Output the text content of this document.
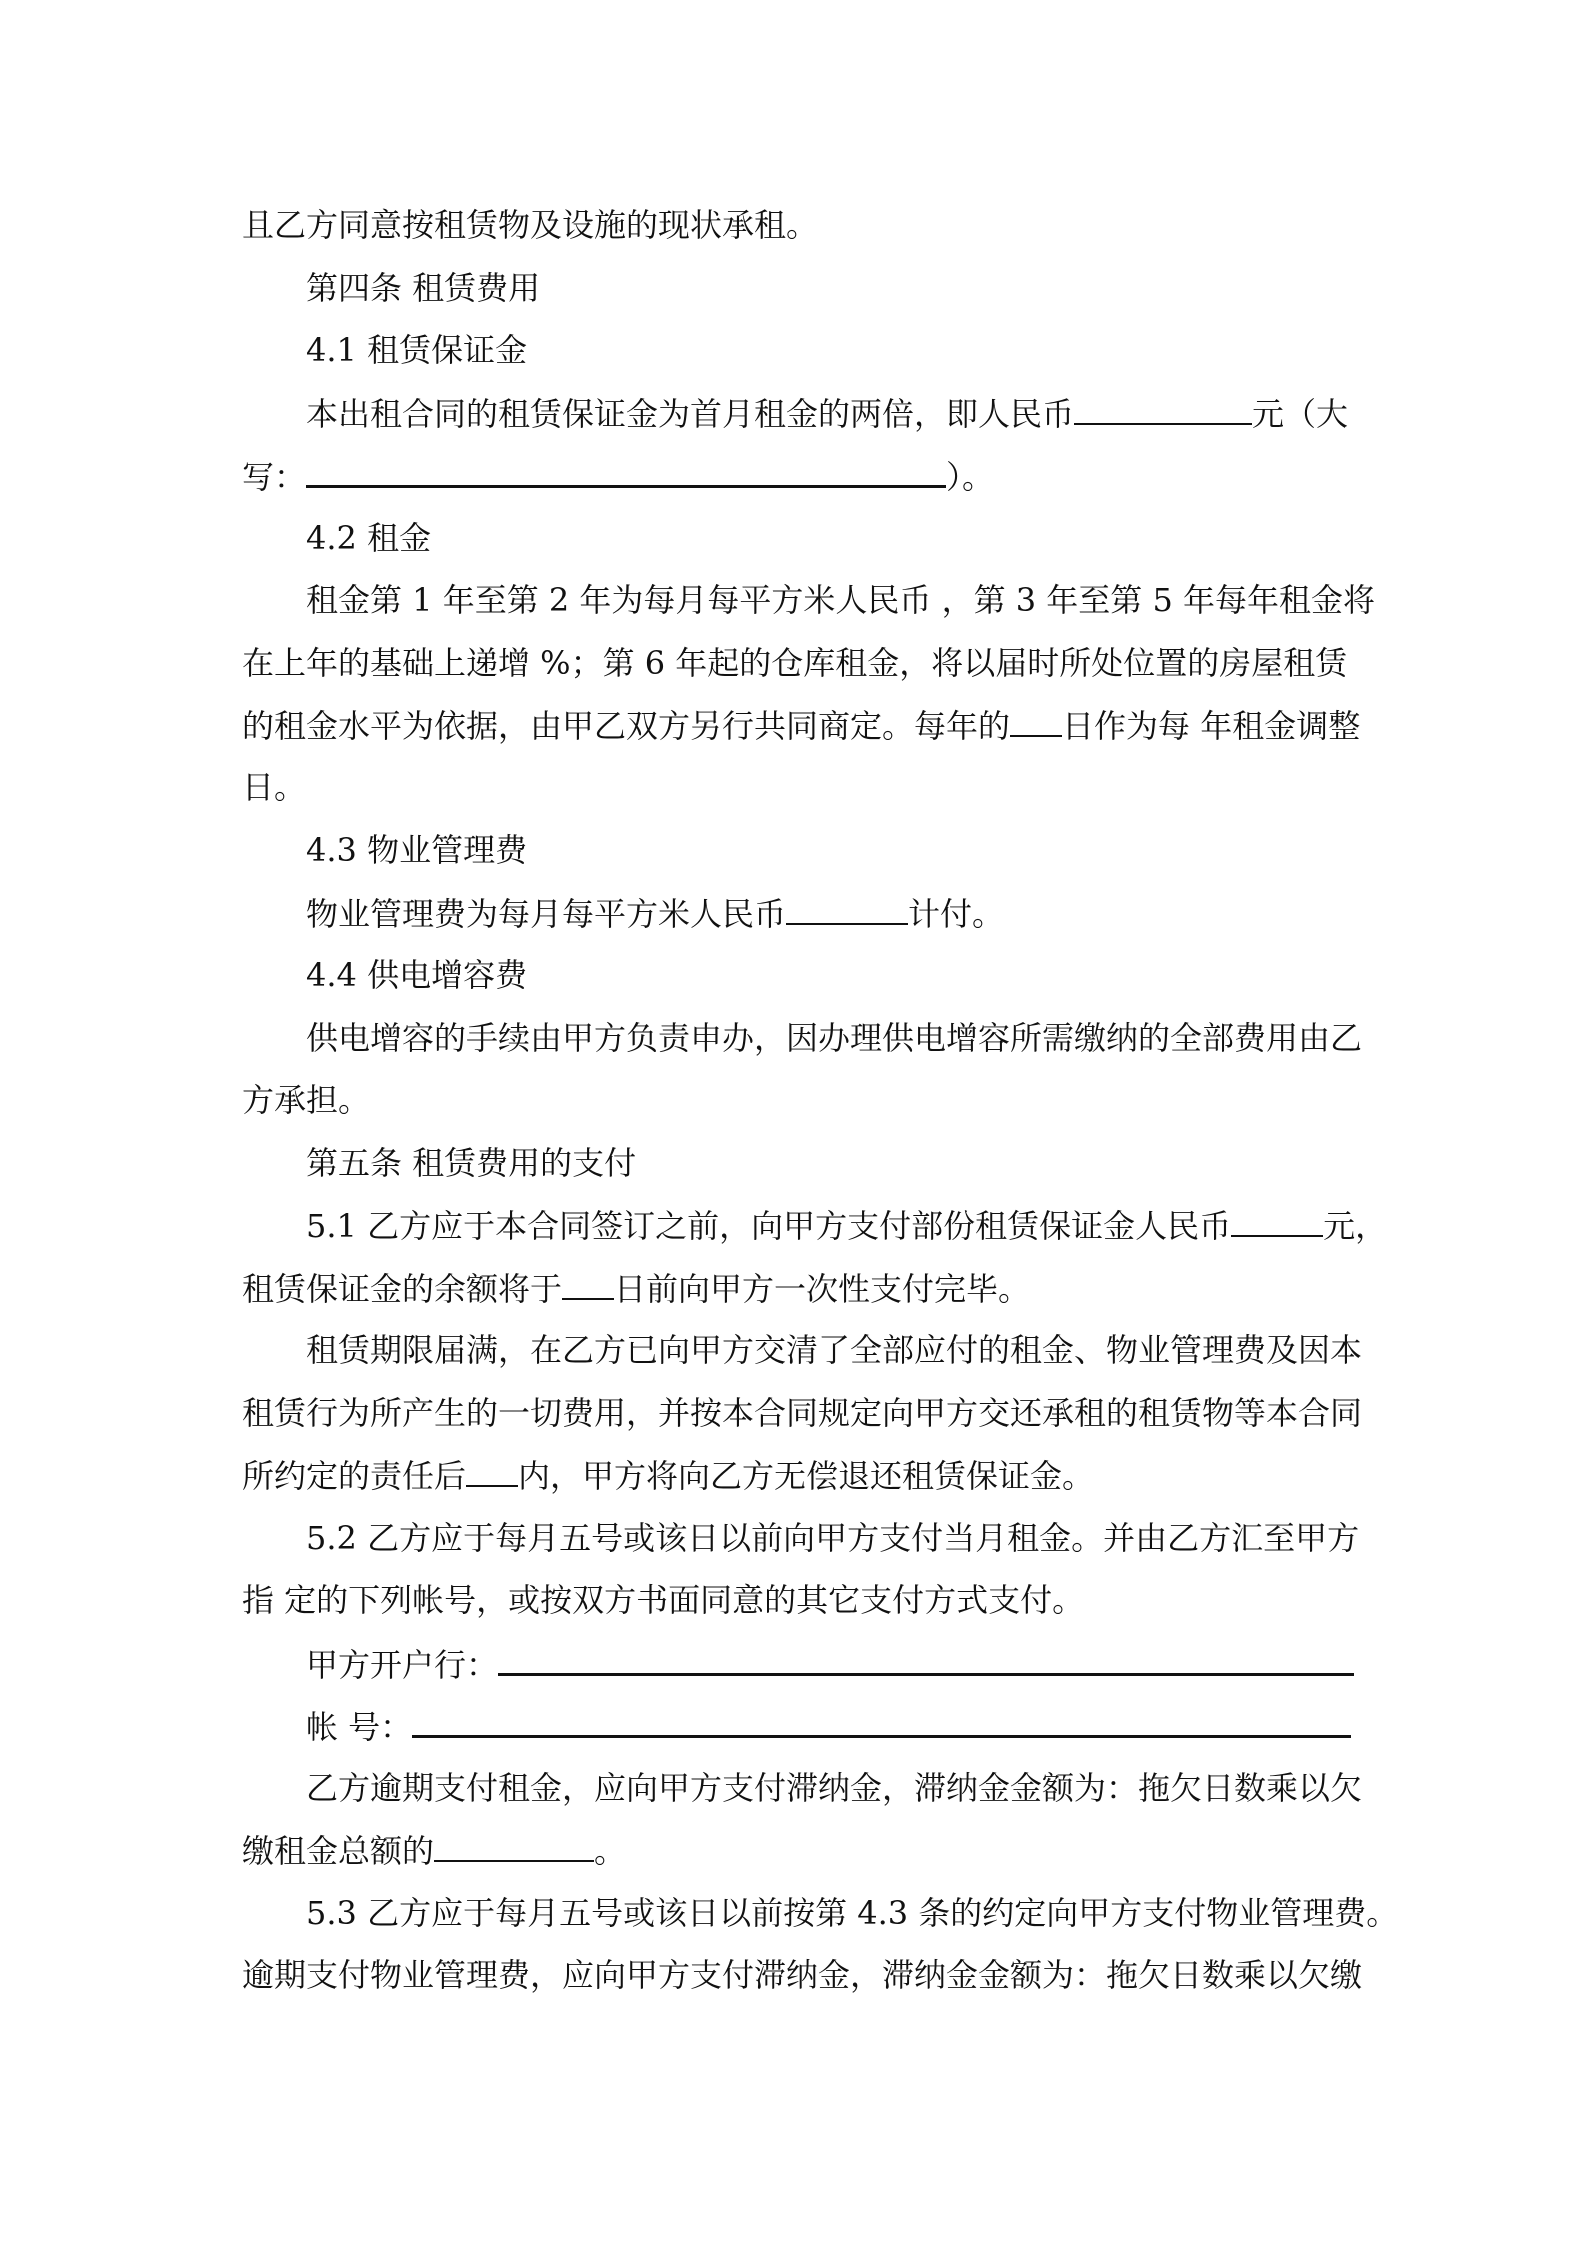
且乙方同意按租赁物及设施的现状承租。
第四条 租赁费用
4.1 租赁保证金
本出租合同的租赁保证金为首月租金的两倍，即人民币	元（大
写：	）。
4.2 租金
租金第 1 年至第 2 年为每月每平方米人民币 ，第 3 年至第 5 年每年租金将
在上年的基础上递增 %；第 6 年起的仓库租金，将以届时所处位置的房屋租赁
的租金水平为依据，由甲乙双方另行共同商定。每年的 日作为每 年租金调整
日。
4.3 物业管理费
物业管理费为每月每平方米人民币	计付。
4.4 供电增容费
供电增容的手续由甲方负责申办，因办理供电增容所需缴纳的全部费用由乙
方承担。
第五条 租赁费用的支付
5.1 乙方应于本合同签订之前，向甲方支付部份租赁保证金人民币	元，
租赁保证金的余额将于 日前向甲方一次性支付完毕。
租赁期限届满，在乙方已向甲方交清了全部应付的租金、物业管理费及因本
租赁行为所产生的一切费用，并按本合同规定向甲方交还承租的租赁物等本合同
所约定的责任后 内，甲方将向乙方无偿退还租赁保证金。
5.2 乙方应于每月五号或该日以前向甲方支付当月租金。并由乙方汇至甲方
指 定的下列帐号，或按双方书面同意的其它支付方式支付。
甲方开户行：
帐 号：
乙方逾期支付租金，应向甲方支付滞纳金，滞纳金金额为：拖欠日数乘以欠
缴租金总额的	。
5.3 乙方应于每月五号或该日以前按第 4.3 条的约定向甲方支付物业管理费。
逾期支付物业管理费，应向甲方支付滞纳金，滞纳金金额为：拖欠日数乘以欠缴
